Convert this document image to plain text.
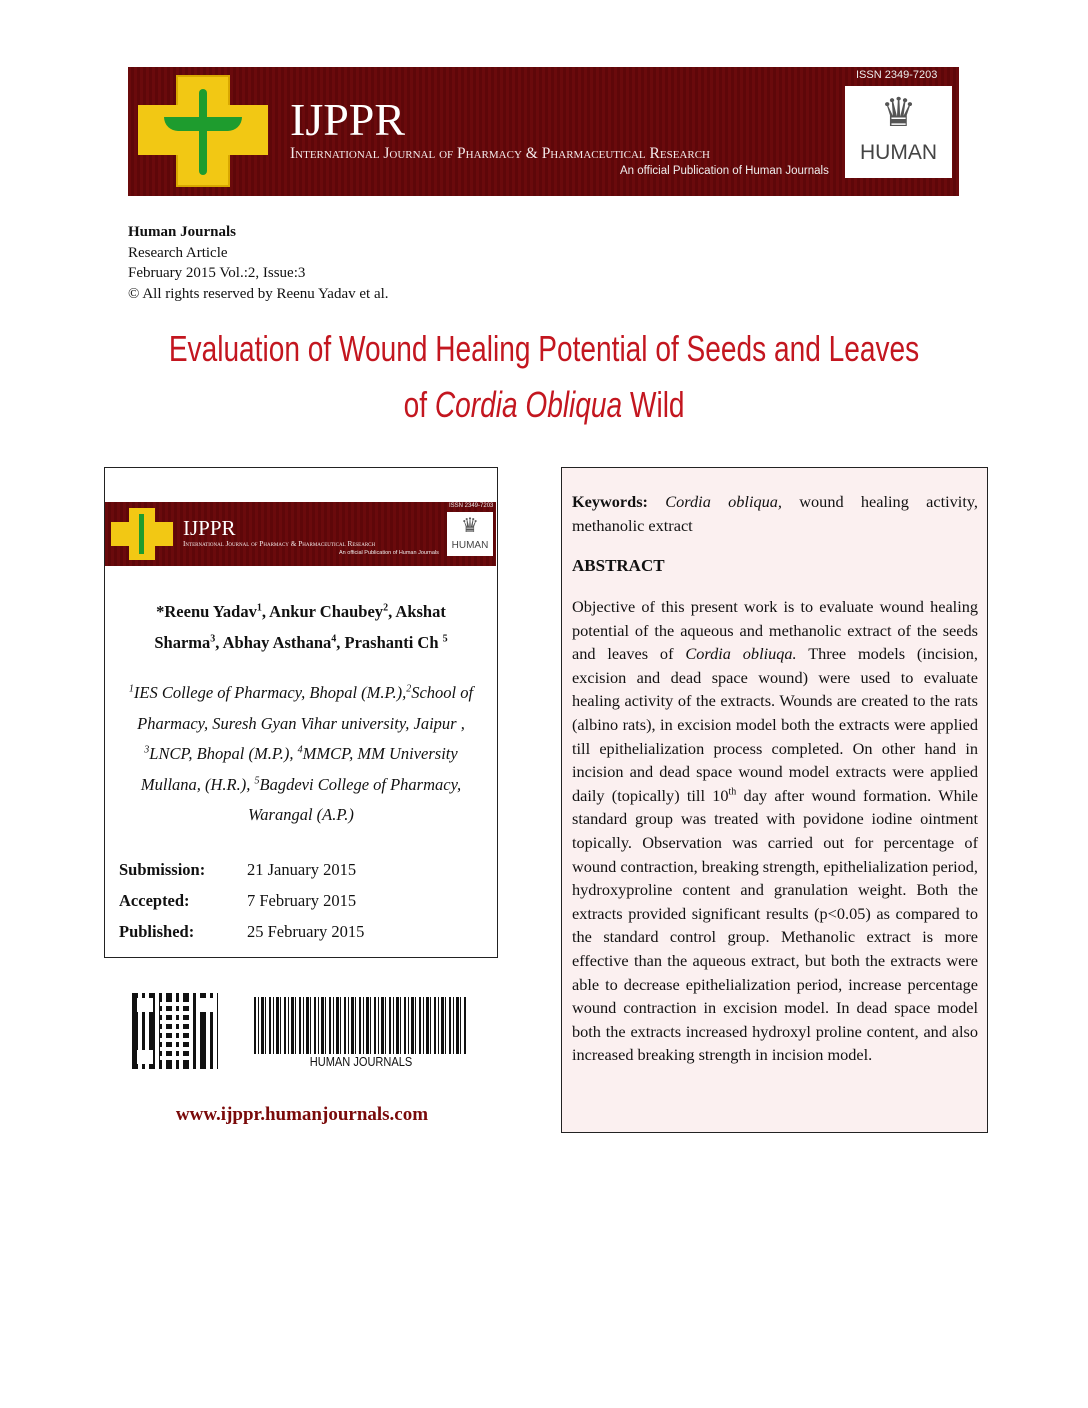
IJPPR
International Journal of Pharmacy & Pharmaceutical Research
An official Publication of Human Journals
ISSN 2349-7203
♛
HUMAN
Human Journals
Research Article
February 2015 Vol.:2, Issue:3
© All rights reserved by Reenu Yadav et al.
Evaluation of Wound Healing Potential of Seeds and Leaves
of Cordia Obliqua Wild
IJPPR
International Journal of Pharmacy & Pharmaceutical Research
An official Publication of Human Journals
ISSN 2349-7203
♛
HUMAN
*Reenu Yadav$^1$, Ankur Chaubey$^2$, Akshat
Sharma$^3$, Abhay Asthana$^4$, Prashanti Ch $^5$
$^1$IES College of Pharmacy, Bhopal (M.P.),$^2$School of Pharmacy, Suresh Gyan Vihar university, Jaipur , $^3$LNCP, Bhopal (M.P.), $^4$MMCP, MM University Mullana, (H.R.), $^5$Bagdevi College of Pharmacy, Warangal (A.P.)
Submission:	21 January 2015
Accepted:	7 February 2015
Published:	25 February 2015
HUMAN JOURNALS
www.ijppr.humanjournals.com
Keywords: Cordia obliqua, wound healing activity, methanolic extract
ABSTRACT
Objective of this present work is to evaluate wound healing potential of the aqueous and methanolic extract of the seeds and leaves of Cordia obliuqa. Three models (incision, excision and dead space wound) were used to evaluate healing activity of the extracts. Wounds are created to the rats (albino rats), in excision model both the extracts were applied till epithelialization process completed. On other hand in incision and dead space wound model extracts were applied daily (topically) till 10th day after wound formation. While standard group was treated with povidone iodine ointment topically. Observation was carried out for percentage of wound contraction, breaking strength, epithelialization period, hydroxyproline content and granulation weight. Both the extracts provided significant results (p<0.05) as compared to the standard control group. Methanolic extract is more effective than the aqueous extract, but both the extracts were able to decrease epithelialization period, increase percentage wound contraction in excision model. In dead space model both the extracts increased hydroxyl proline content, and also increased breaking strength in incision model.
